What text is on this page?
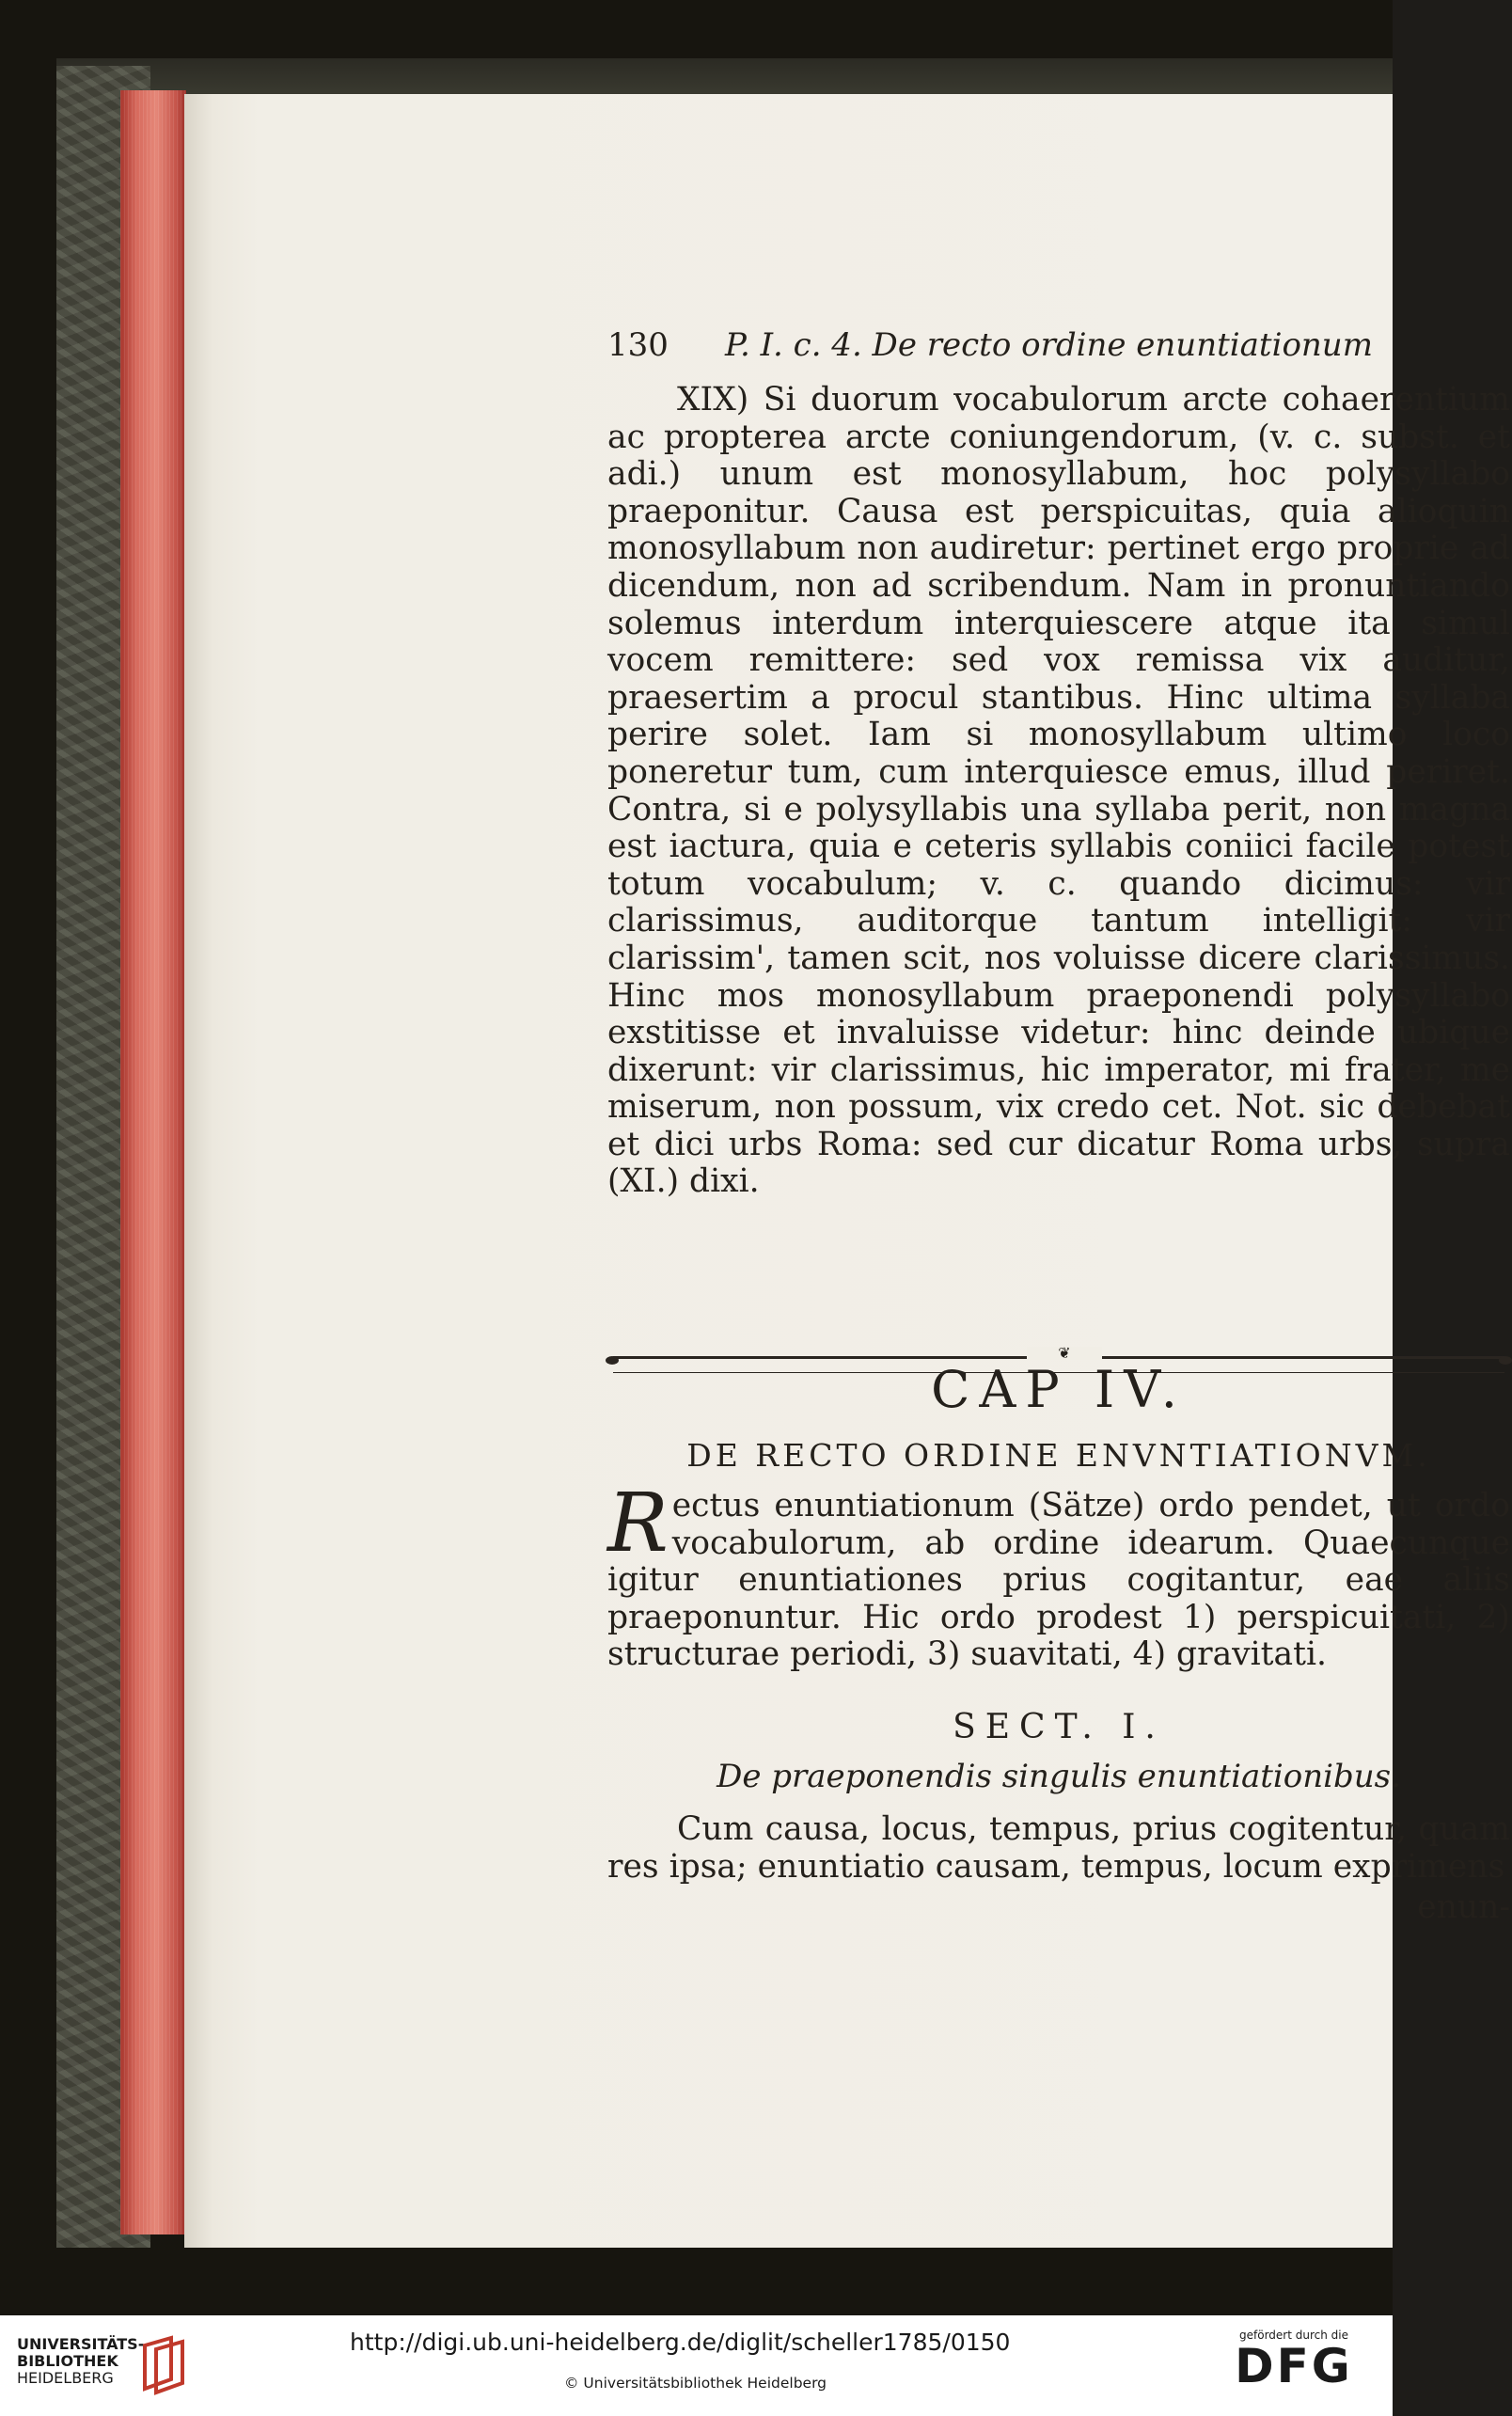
130 P. I. c. 4. De recto ordine enuntiationum
XIX) Si duorum vocabulorum arcte cohaerentium ac propterea arcte coniungendorum, (v. c. subst. et adi.) unum est monosyllabum, hoc polysyllabo praeponitur. Causa est perspicuitas, quia alioquin monosyllabum non audiretur: pertinet ergo proprie ad dicendum, non ad scribendum. Nam in pronuntiando solemus interdum interquiescere atque ita simul vocem remittere: sed vox remissa vix auditur, praesertim a procul stantibus. Hinc ultima syllaba perire solet. Iam si monosyllabum ultimo loco poneretur tum, cum interquiesce emus, illud periret. Contra, si e polysyllabis una syllaba perit, non magna est iactura, quia e ceteris syllabis coniici facile potest totum vocabulum; v. c. quando dicimus: vir clarissimus, auditorque tantum intelligit: vir clarissim', tamen scit, nos voluisse dicere clarissimus. Hinc mos monosyllabum praeponendi polysyllabo exstitisse et invaluisse videtur: hinc deinde ubique dixerunt: vir clarissimus, hic imperator, mi frater, me miserum, non possum, vix credo cet. Not. sic debebat et dici urbs Roma: sed cur dicatur Roma urbs, supra (XI.) dixi.
❦
CAP IV.
DE RECTO ORDINE ENVNTIATIONVM.
Rectus enuntiationum (Sätze) ordo pendet, ut ordo vocabulorum, ab ordine idearum. Quaecunque igitur enuntiationes prius cogitantur, eae aliis praeponuntur. Hic ordo prodest 1) perspicuitati, 2) structurae periodi, 3) suavitati, 4) gravitati.
SECT. I.
De praeponendis singulis enuntiationibus.
Cum causa, locus, tempus, prius cogitentur, quam res ipsa; enuntiatio causam, tempus, locum exprimens
enun-
UNIVERSITÄTS-
BIBLIOTHEK
HEIDELBERG
http://digi.ub.uni-heidelberg.de/diglit/scheller1785/0150
© Universitätsbibliothek Heidelberg
gefördert durch die
DFG
